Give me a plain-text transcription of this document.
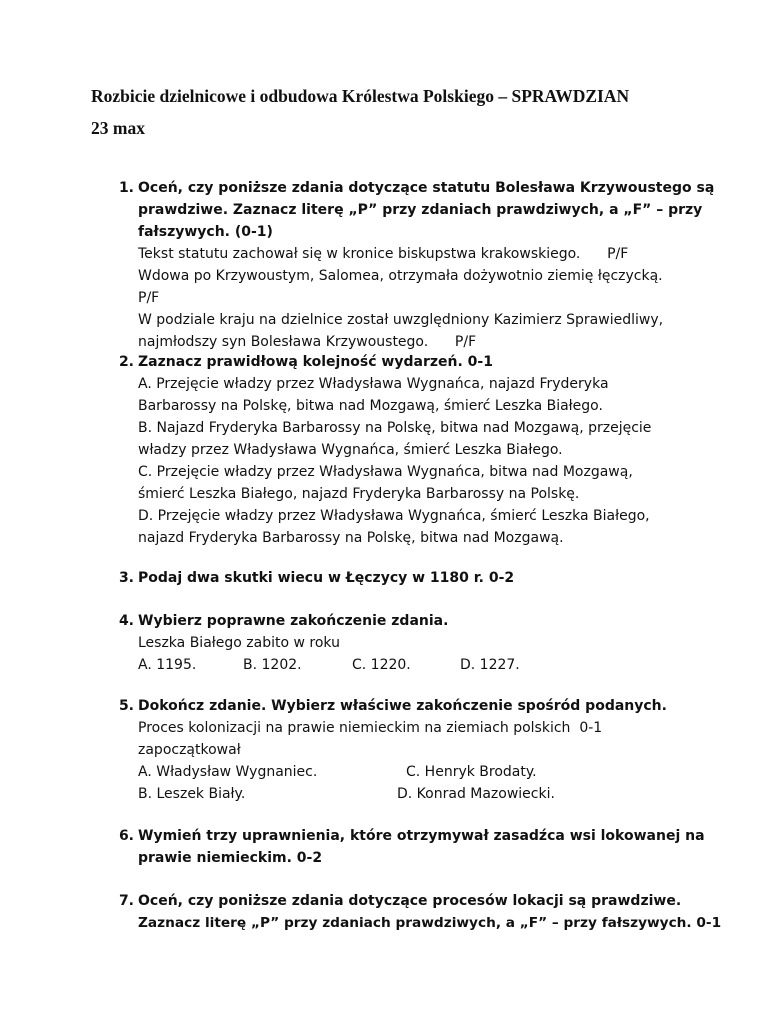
Rozbicie dzielnicowe i odbudowa Królestwa Polskiego – SPRAWDZIAN
23 max
1. Oceń, czy poniższe zdania dotyczące statutu Bolesława Krzywoustego są
prawdziwe. Zaznacz literę „P” przy zdaniach prawdziwych, a „F” – przy
fałszywych. (0-1)
Tekst statutu zachował się w kronice biskupstwa krakowskiego.      P/F
Wdowa po Krzywoustym, Salomea, otrzymała dożywotnio ziemię łęczycką.
P/F
W podziale kraju na dzielnice został uwzględniony Kazimierz Sprawiedliwy,
najmłodszy syn Bolesława Krzywoustego.      P/F
2. Zaznacz prawidłową kolejność wydarzeń. 0-1
A. Przejęcie władzy przez Władysława Wygnańca, najazd Fryderyka
Barbarossy na Polskę, bitwa nad Mozgawą, śmierć Leszka Białego.
B. Najazd Fryderyka Barbarossy na Polskę, bitwa nad Mozgawą, przejęcie
władzy przez Władysława Wygnańca, śmierć Leszka Białego.
C. Przejęcie władzy przez Władysława Wygnańca, bitwa nad Mozgawą,
śmierć Leszka Białego, najazd Fryderyka Barbarossy na Polskę.
D. Przejęcie władzy przez Władysława Wygnańca, śmierć Leszka Białego,
najazd Fryderyka Barbarossy na Polskę, bitwa nad Mozgawą.
3. Podaj dwa skutki wiecu w Łęczycy w 1180 r. 0-2
4. Wybierz poprawne zakończenie zdania.
Leszka Białego zabito w roku
A. 1195.	B. 1202.	C. 1220.	D. 1227.
5. Dokończ zdanie. Wybierz właściwe zakończenie spośród podanych.
Proces kolonizacji na prawie niemieckim na ziemiach polskich  0-1
zapoczątkował
A. Władysław Wygnaniec.	C. Henryk Brodaty.
B. Leszek Biały.	D. Konrad Mazowiecki.
6. Wymień trzy uprawnienia, które otrzymywał zasadźca wsi lokowanej na
prawie niemieckim. 0-2
7. Oceń, czy poniższe zdania dotyczące procesów lokacji są prawdziwe.
Zaznacz literę „P” przy zdaniach prawdziwych, a „F” – przy fałszywych. 0-1
